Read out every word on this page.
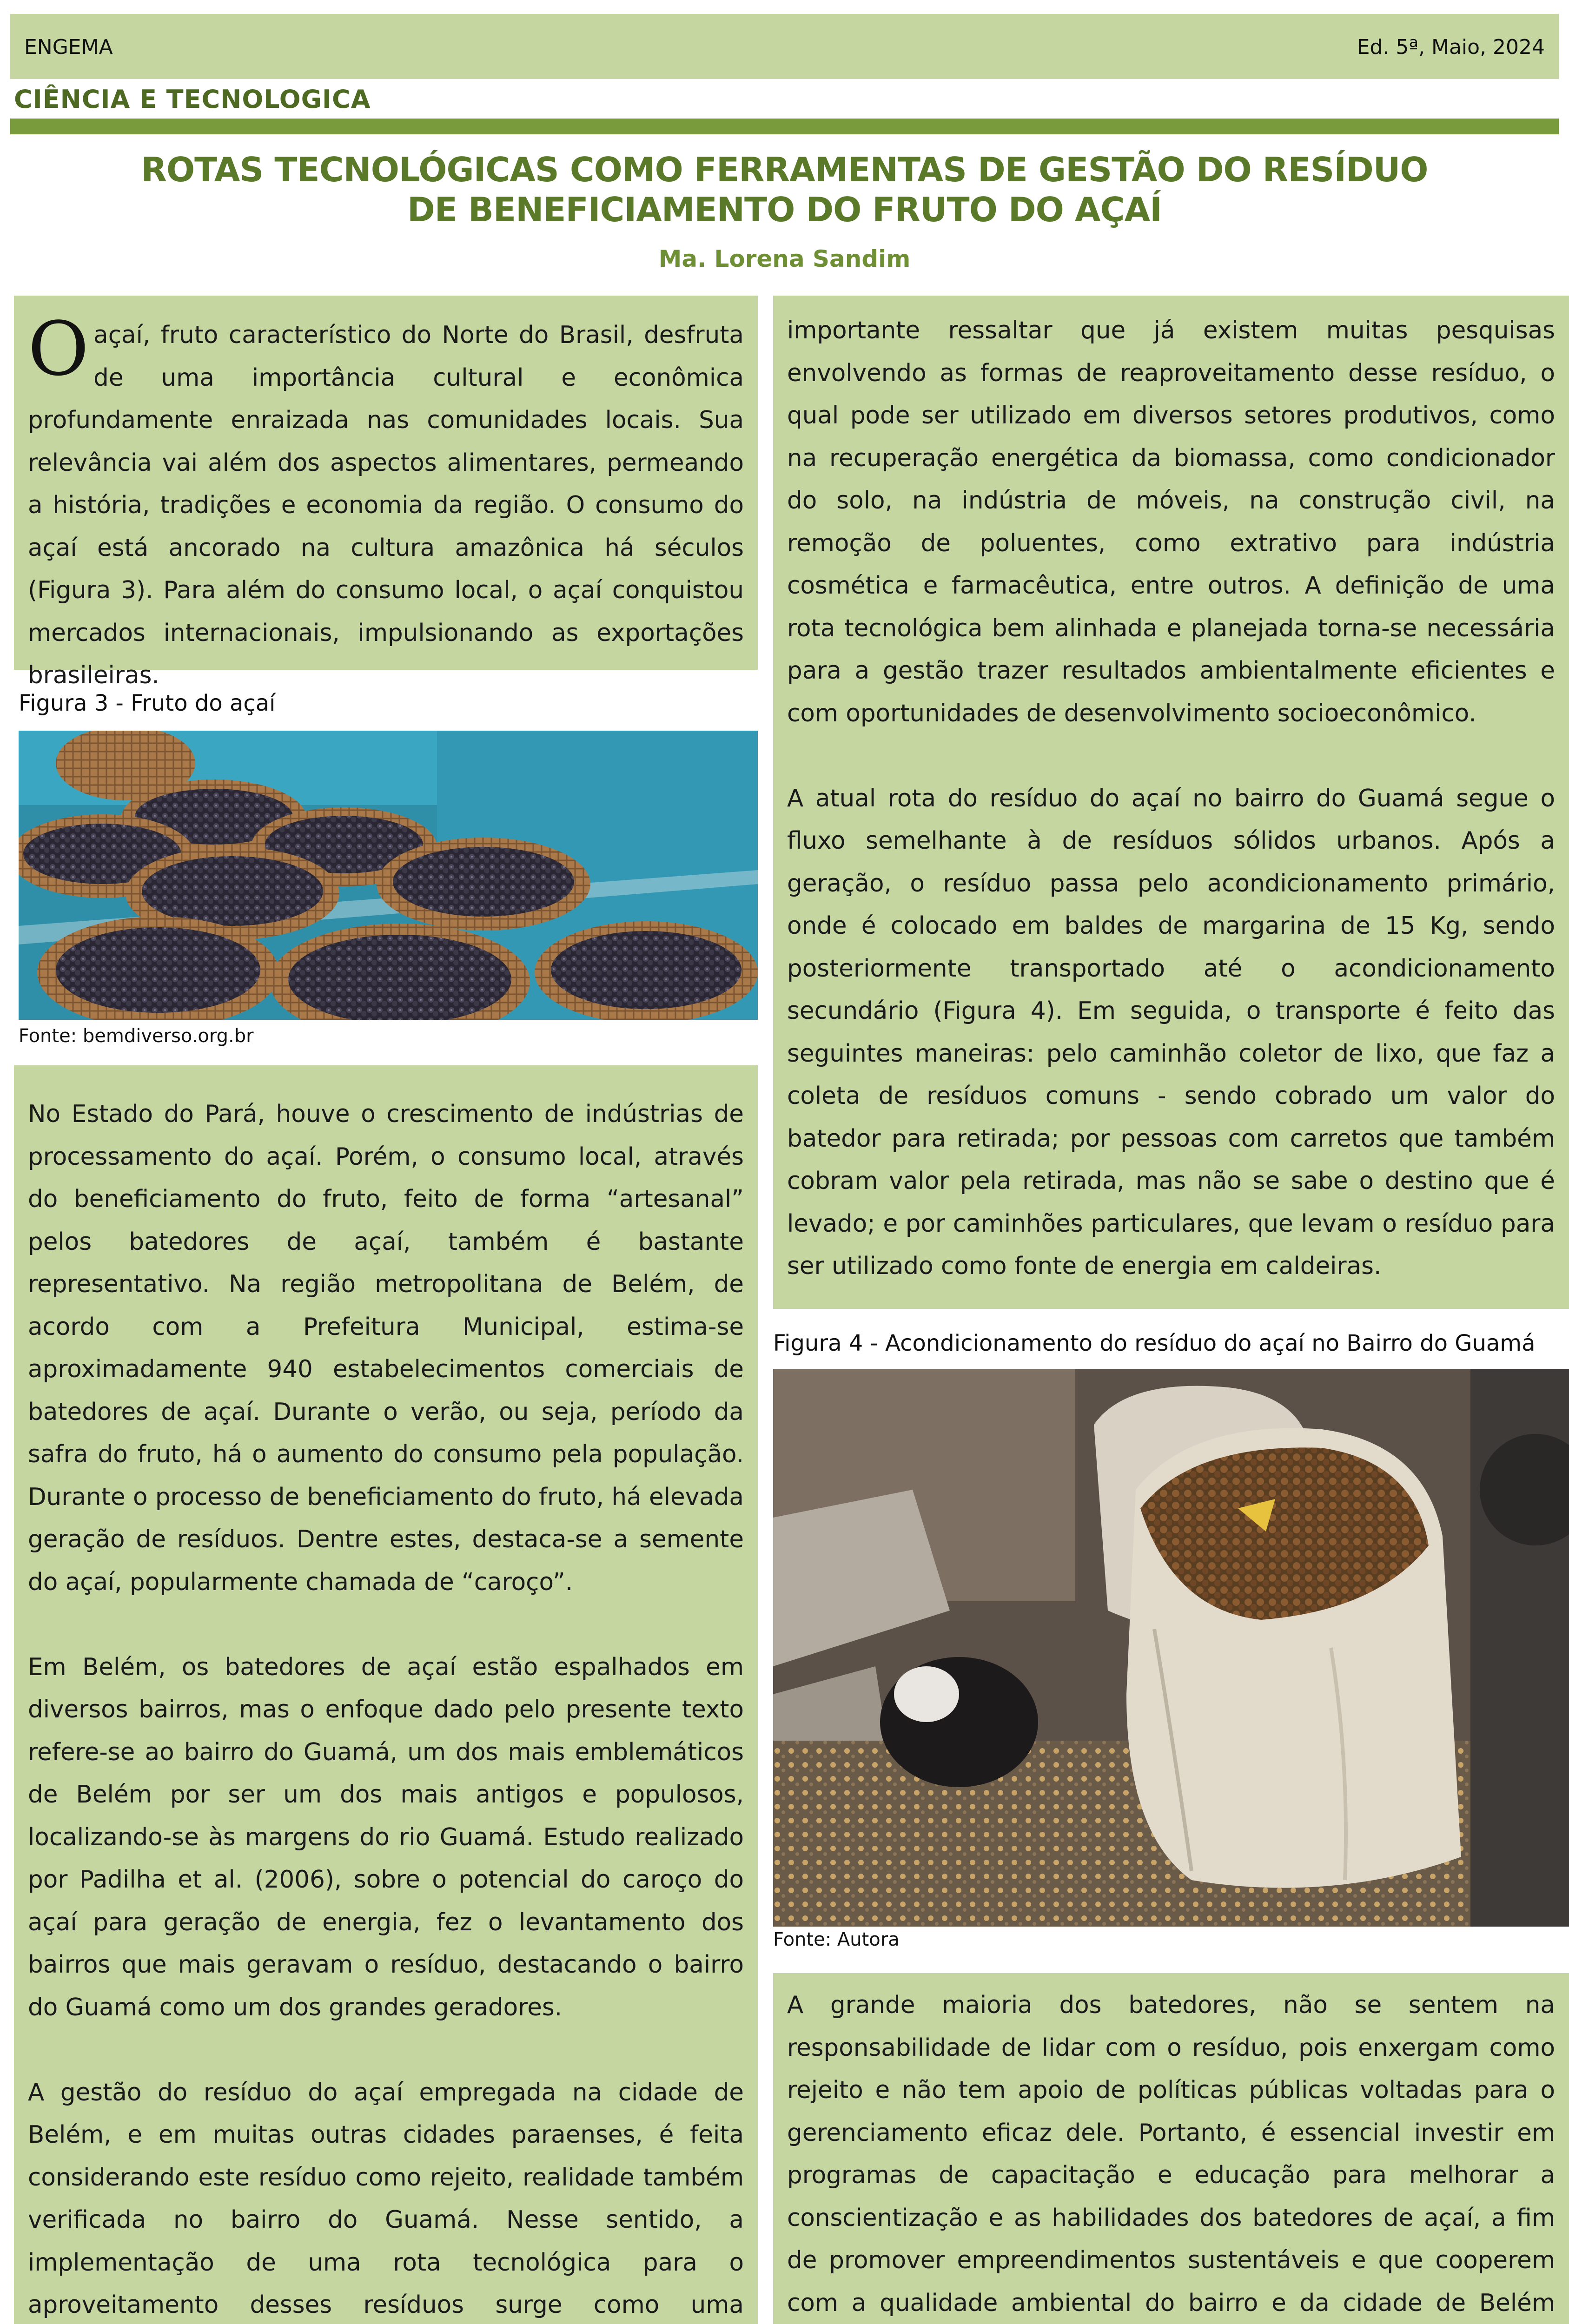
ENGEMA	Ed. 5ª, Maio, 2024
CIÊNCIA E TECNOLOGICA
ROTAS TECNOLÓGICAS COMO FERRAMENTAS DE GESTÃO DO RESÍDUO DE BENEFICIAMENTO DO FRUTO DO AÇAÍ
Ma. Lorena Sandim
Oaçaí, fruto característico do Norte do Brasil, desfruta de uma importância cultural e econômica profundamente enraizada nas comunidades locais. Sua relevância vai além dos aspectos alimentares, permeando a história, tradições e economia da região. O consumo do açaí está ancorado na cultura amazônica há séculos (Figura 3). Para além do consumo local, o açaí conquistou mercados internacionais, impulsionando as exportações brasileiras.
Figura 3 - Fruto do açaí
Fonte: bemdiverso.org.br

No Estado do Pará, houve o crescimento de indústrias de processamento do açaí. Porém, o consumo local, através do beneficiamento do fruto, feito de forma “artesanal” pelos batedores de açaí, também é bastante representativo. Na região metropolitana de Belém, de acordo com a Prefeitura Municipal, estima-se aproximadamente 940 estabelecimentos comerciais de batedores de açaí. Durante o verão, ou seja, período da safra do fruto, há o aumento do consumo pela população. Durante o processo de beneficiamento do fruto, há elevada geração de resíduos. Dentre estes, destaca-se a semente do açaí, popularmente chamada de “caroço”.

Em Belém, os batedores de açaí estão espalhados em diversos bairros, mas o enfoque dado pelo presente texto refere-se ao bairro do Guamá, um dos mais emblemáticos de Belém por ser um dos mais antigos e populosos, localizando-se às margens do rio Guamá. Estudo realizado por Padilha et al. (2006), sobre o potencial do caroço do açaí para geração de energia, fez o levantamento dos bairros que mais geravam o resíduo, destacando o bairro do Guamá como um dos grandes geradores.

A gestão do resíduo do açaí empregada na cidade de Belém, e em muitas outras cidades paraenses, é feita considerando este resíduo como rejeito, realidade também verificada no bairro do Guamá. Nesse sentido, a implementação de uma rota tecnológica para o aproveitamento desses resíduos surge como uma

importante ressaltar que já existem muitas pesquisas envolvendo as formas de reaproveitamento desse resíduo, o qual pode ser utilizado em diversos setores produtivos, como na recuperação energética da biomassa, como condicionador do solo, na indústria de móveis, na construção civil, na remoção de poluentes, como extrativo para indústria cosmética e farmacêutica, entre outros. A definição de uma rota tecnológica bem alinhada e planejada torna-se necessária para a gestão trazer resultados ambientalmente eficientes e com oportunidades de desenvolvimento socioeconômico.

A atual rota do resíduo do açaí no bairro do Guamá segue o fluxo semelhante à de resíduos sólidos urbanos. Após a geração, o resíduo passa pelo acondicionamento primário, onde é colocado em baldes de margarina de 15 Kg, sendo posteriormente transportado até o acondicionamento secundário (Figura 4). Em seguida, o transporte é feito das seguintes maneiras: pelo caminhão coletor de lixo, que faz a coleta de resíduos comuns - sendo cobrado um valor do batedor para retirada; por pessoas com carretos que também cobram valor pela retirada, mas não se sabe o destino que é levado; e por caminhões particulares, que levam o resíduo para ser utilizado como fonte de energia em caldeiras.

Figura 4 - Acondicionamento do resíduo do açaí no Bairro do Guamá
Fonte: Autora

A grande maioria dos batedores, não se sentem na responsabilidade de lidar com o resíduo, pois enxergam como rejeito e não tem apoio de políticas públicas voltadas para o gerenciamento eficaz dele. Portanto, é essencial investir em programas de capacitação e educação para melhorar a conscientização e as habilidades dos batedores de açaí, a fim de promover empreendimentos sustentáveis e que cooperem com a qualidade ambiental do bairro e da cidade de Belém
